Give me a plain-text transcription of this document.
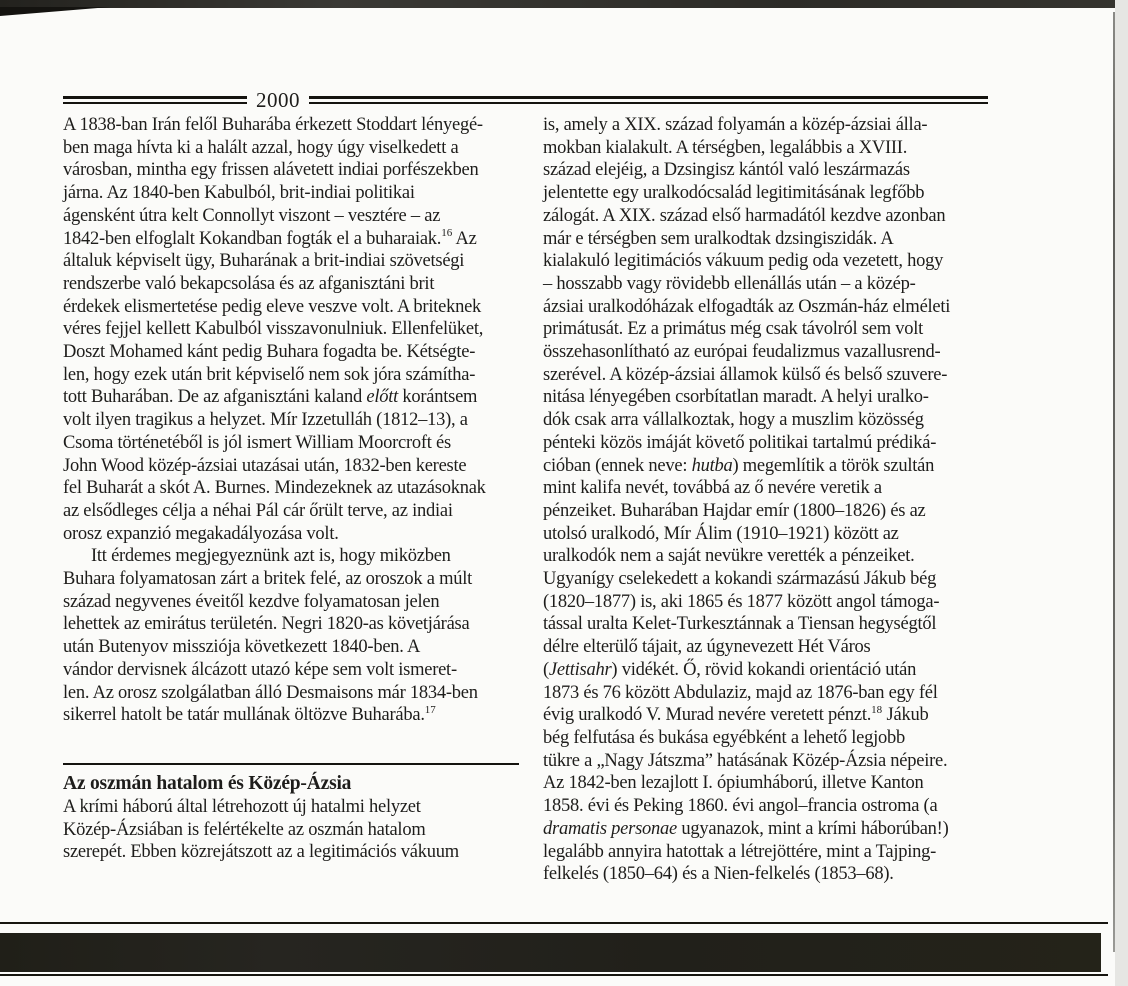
2000

A 1838-ban Irán felől Buharába érkezett Stoddart lényegé-
ben maga hívta ki a halált azzal, hogy úgy viselkedett a
városban, mintha egy frissen alávetett indiai porfészekben
járna. Az 1840-ben Kabulból, brit-indiai politikai
ágensként útra kelt Connollyt viszont – vesztére – az
1842-ben elfoglalt Kokandban fogták el a buharaiak.$^{16}$ Az
általuk képviselt ügy, Buharának a brit-indiai szövetségi
rendszerbe való bekapcsolása és az afganisztáni brit
érdekek elismertetése pedig eleve veszve volt. A briteknek
véres fejjel kellett Kabulból visszavonulniuk. Ellenfelüket,
Doszt Mohamed kánt pedig Buhara fogadta be. Kétségte-
len, hogy ezek után brit képviselő nem sok jóra számítha-
tott Buharában. De az afganisztáni kaland előtt korántsem
volt ilyen tragikus a helyzet. Mír Izzetulláh (1812–13), a
Csoma történetéből is jól ismert William Moorcroft és
John Wood közép-ázsiai utazásai után, 1832-ben kereste
fel Buharát a skót A. Burnes. Mindezeknek az utazásoknak
az elsődleges célja a néhai Pál cár őrült terve, az indiai
orosz expanzió megakadályozása volt.

Itt érdemes megjegyeznünk azt is, hogy miközben
Buhara folyamatosan zárt a britek felé, az oroszok a múlt
század negyvenes éveitől kezdve folyamatosan jelen
lehettek az emirátus területén. Negri 1820-as követjárása
után Butenyov missziója következett 1840-ben. A
vándor dervisnek álcázott utazó képe sem volt ismeret-
len. Az orosz szolgálatban álló Desmaisons már 1834-ben
sikerrel hatolt be tatár mullának öltözve Buharába.$^{17}$

Az oszmán hatalom és Közép-Ázsia

A krími háború által létrehozott új hatalmi helyzet
Közép-Ázsiában is felértékelte az oszmán hatalom
szerepét. Ebben közrejátszott az a legitimációs vákuum

is, amely a XIX. század folyamán a közép-ázsiai álla-
mokban kialakult. A térségben, legalábbis a XVIII.
század elejéig, a Dzsingisz kántól való leszármazás
jelentette egy uralkodócsalád legitimitásának legfőbb
zálogát. A XIX. század első harmadától kezdve azonban
már e térségben sem uralkodtak dzsingiszidák. A
kialakuló legitimációs vákuum pedig oda vezetett, hogy
– hosszabb vagy rövidebb ellenállás után – a közép-
ázsiai uralkodóházak elfogadták az Oszmán-ház elméleti
primátusát. Ez a primátus még csak távolról sem volt
összehasonlítható az európai feudalizmus vazallusrend-
szerével. A közép-ázsiai államok külső és belső szuvere-
nitása lényegében csorbítatlan maradt. A helyi uralko-
dók csak arra vállalkoztak, hogy a muszlim közösség
pénteki közös imáját követő politikai tartalmú prédiká-
cióban (ennek neve: hutba) megemlítik a török szultán
mint kalifa nevét, továbbá az ő nevére veretik a
pénzeiket. Buharában Hajdar emír (1800–1826) és az
utolsó uralkodó, Mír Álim (1910–1921) között az
uralkodók nem a saját nevükre verették a pénzeiket.
Ugyanígy cselekedett a kokandi származású Jákub bég
(1820–1877) is, aki 1865 és 1877 között angol támoga-
tással uralta Kelet-Turkesztánnak a Tiensan hegységtől
délre elterülő tájait, az úgynevezett Hét Város
(Jettisahr) vidékét. Ő, rövid kokandi orientáció után
1873 és 76 között Abdulaziz, majd az 1876-ban egy fél
évig uralkodó V. Murad nevére veretett pénzt.$^{18}$ Jákub
bég felfutása és bukása egyébként a lehető legjobb
tükre a „Nagy Játszma” hatásának Közép-Ázsia népeire.
Az 1842-ben lezajlott I. ópiumháború, illetve Kanton
1858. évi és Peking 1860. évi angol–francia ostroma (a
dramatis personae ugyanazok, mint a krími háborúban!)
legalább annyira hatottak a létrejöttére, mint a Tajping-
felkelés (1850–64) és a Nien-felkelés (1853–68).
